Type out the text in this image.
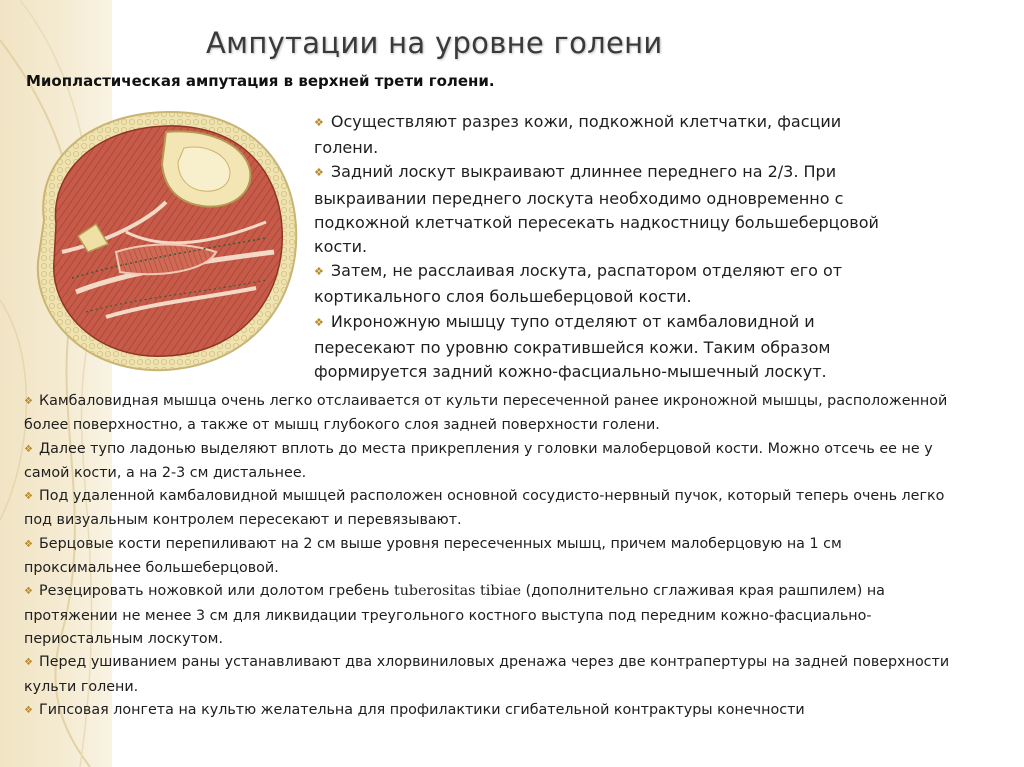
Ампутации на уровне голени

Миопластическая ампутация в верхней трети голени.

❖ Осуществляют разрез кожи, подкожной клетчатки, фасции голени.
❖ Задний лоскут выкраивают длиннее переднего на 2/3. При выкраивании переднего лоскута необходимо одновременно с подкожной клетчаткой пересекать надкостницу большеберцовой кости.
❖ Затем, не расслаивая лоскута, распатором отделяют его от кортикального слоя большеберцовой кости.
❖ Икроножную мышцу тупо отделяют от камбаловидной и пересекают по уровню сократившейся кожи. Таким образом формируется задний кожно-фасциально-мышечный лоскут.
❖ Камбаловидная мышца очень легко отслаивается от культи пересеченной ранее икроножной мышцы, расположенной более поверхностно, а также от мышц глубокого слоя задней поверхности голени.
❖ Далее тупо ладонью выделяют вплоть до места прикрепления у головки малоберцовой кости. Можно отсечь ее не у самой кости, а на 2-3 см дистальнее.
❖ Под удаленной камбаловидной мышцей расположен основной сосудисто-нервный пучок, который теперь очень легко под визуальным контролем пересекают и перевязывают.
❖ Берцовые кости перепиливают на 2 см выше уровня пересеченных мышц, причем малоберцовую на 1 см проксимальнее большеберцовой.
❖ Резецировать ножовкой или долотом гребень tuberositas tibiae (дополнительно сглаживая края рашпилем) на протяжении не менее 3 см для ликвидации треугольного костного выступа под передним кожно-фасциально-периостальным лоскутом.
❖ Перед ушиванием раны устанавливают два хлорвиниловых дренажа через две контрапертуры на задней поверхности культи голени.
❖ Гипсовая лонгета на культю желательна для профилактики сгибательной контрактуры конечности
